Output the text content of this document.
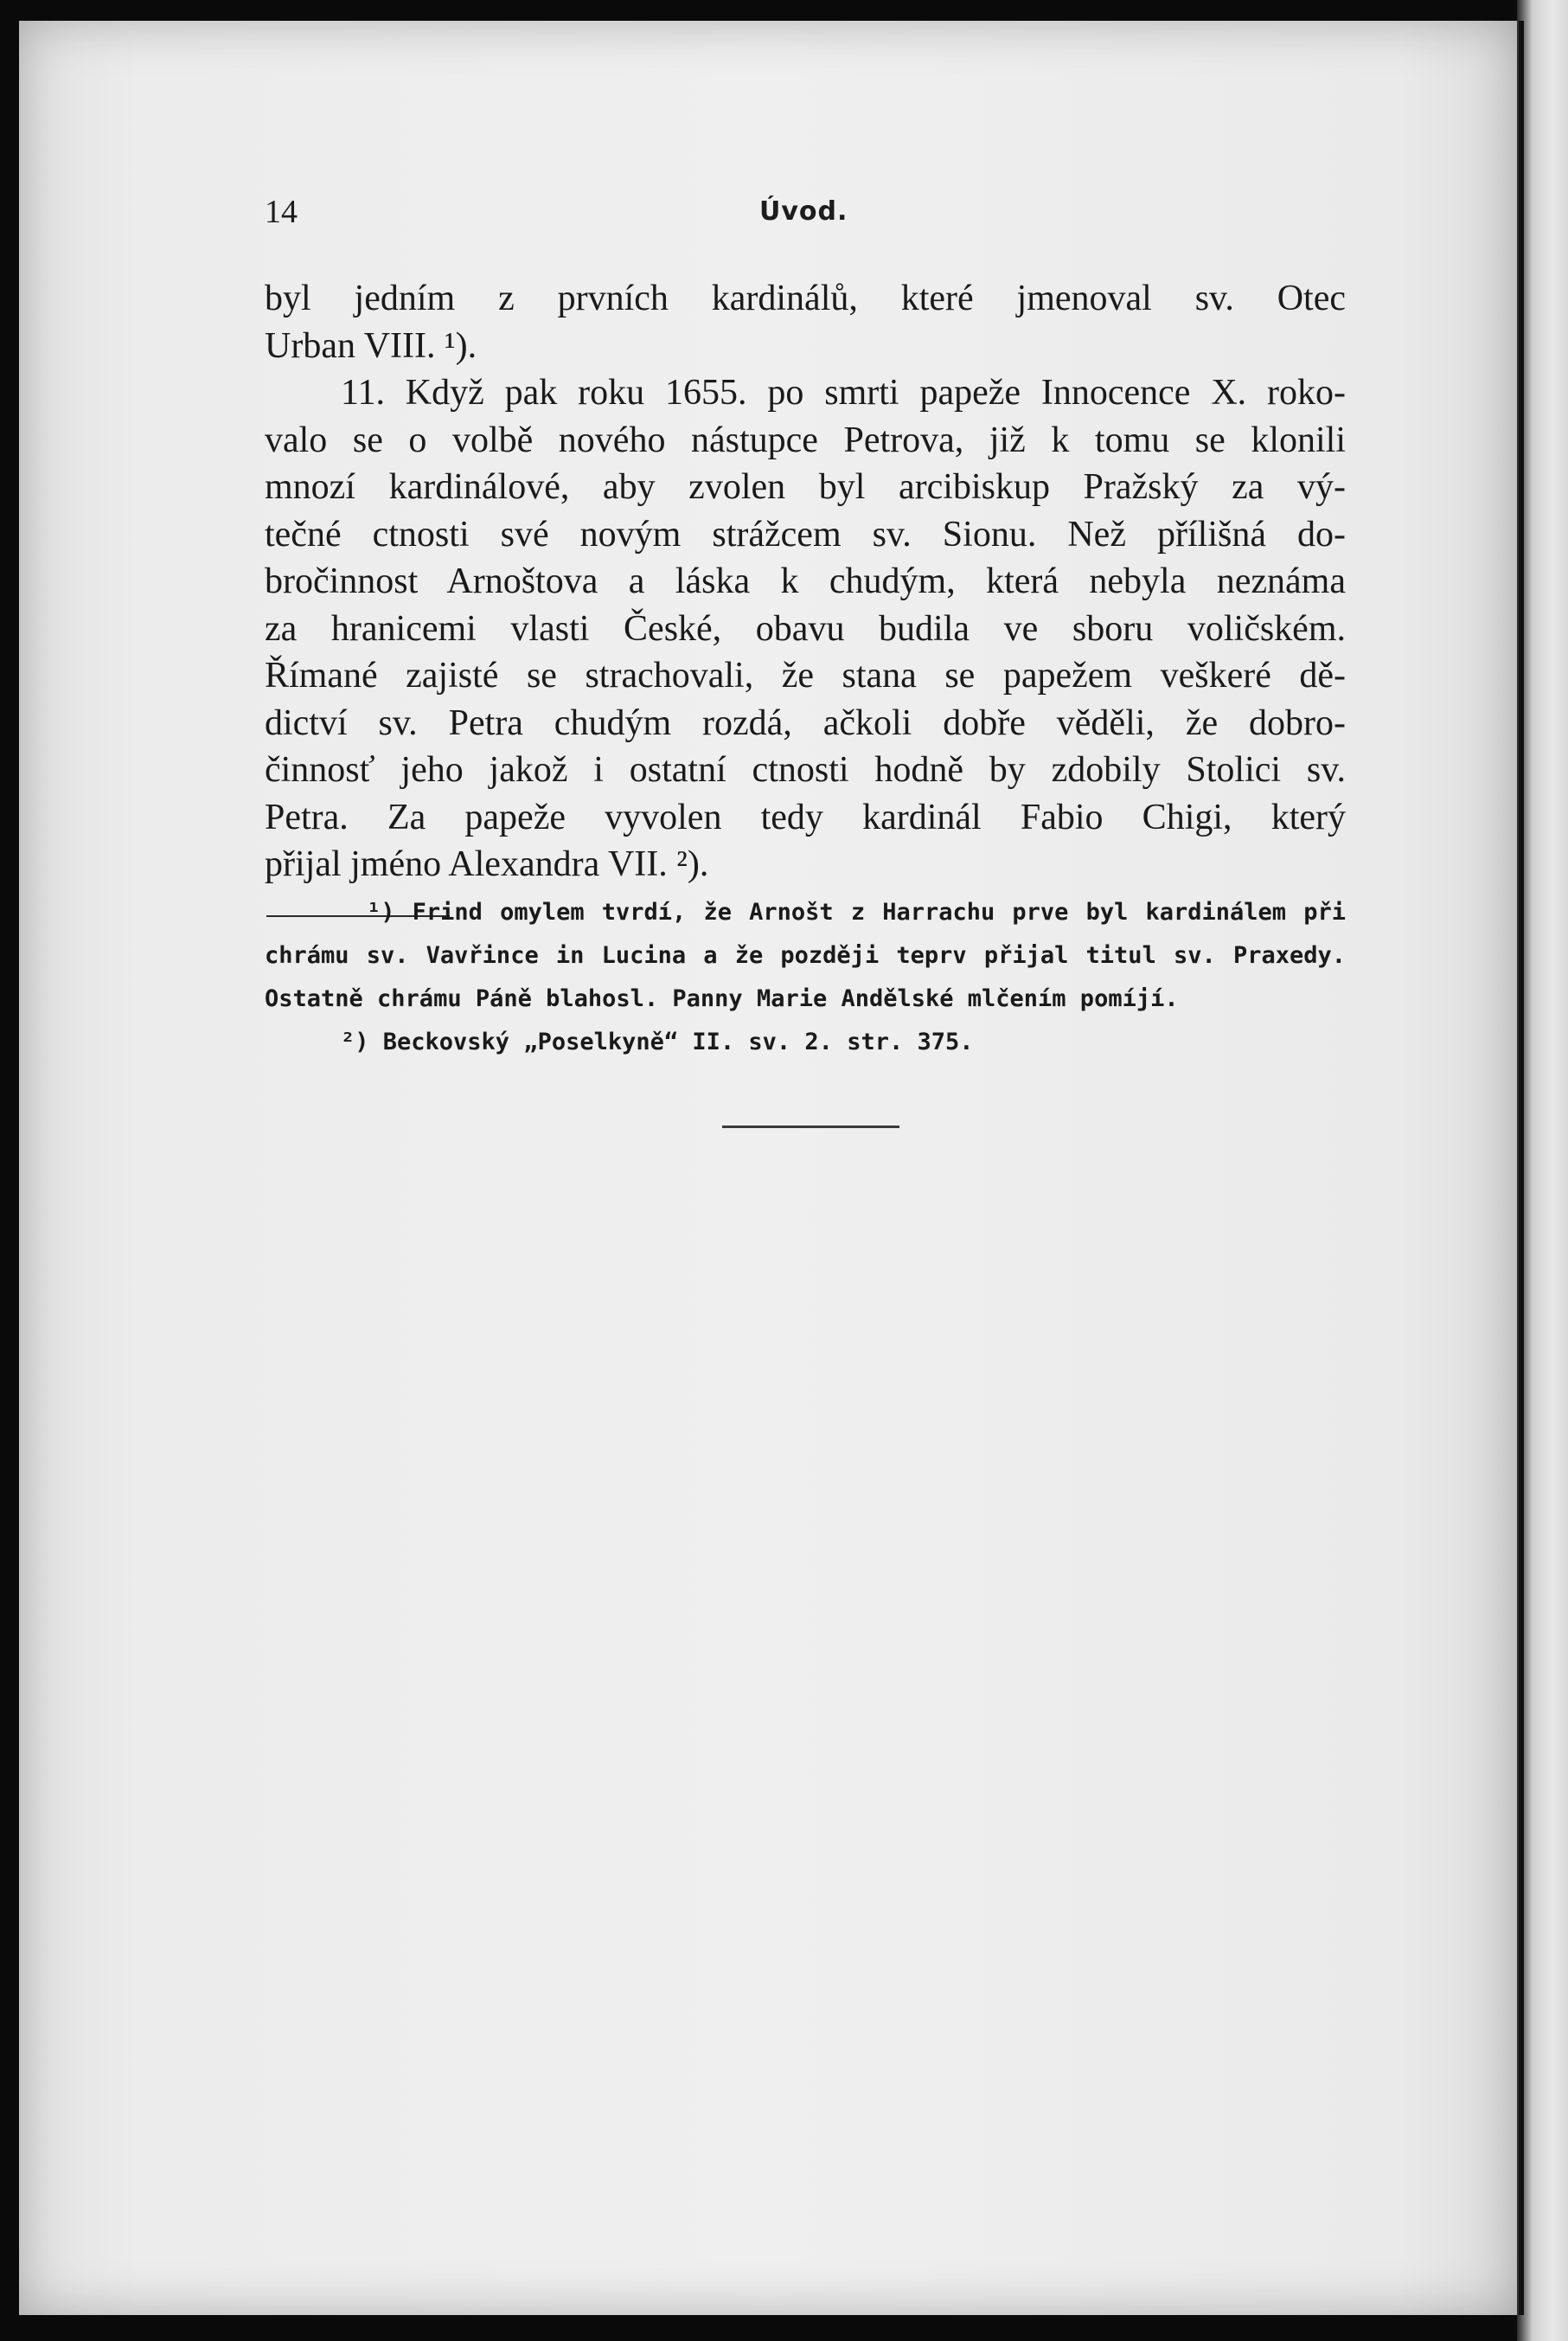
14	Úvod.
byl jedním z prvních kardinálů, které jmenoval sv. Otec
Urban VIII. ¹).
11. Když pak roku 1655. po smrti papeže Innocence X. roko-
valo se o volbě nového nástupce Petrova, již k tomu se klonili
mnozí kardinálové, aby zvolen byl arcibiskup Pražský za vý-
tečné ctnosti své novým strážcem sv. Sionu. Než přílišná do-
bročinnost Arnoštova a láska k chudým, která nebyla neznáma
za hranicemi vlasti České, obavu budila ve sboru voličském.
Římané zajisté se strachovali, že stana se papežem veškeré dě-
dictví sv. Petra chudým rozdá, ačkoli dobře věděli, že dobro-
činnosť jeho jakož i ostatní ctnosti hodně by zdobily Stolici sv.
Petra. Za papeže vyvolen tedy kardinál Fabio Chigi, který
přijal jméno Alexandra VII. ²).
¹) Frind omylem tvrdí, že Arnošt z Harrachu prve byl kardinálem při
chrámu sv. Vavřince in Lucina a že později teprv přijal titul sv. Praxedy.
Ostatně chrámu Páně blahosl. Panny Marie Andělské mlčením pomíjí.
²) Beckovský „Poselkyně“ II. sv. 2. str. 375.
